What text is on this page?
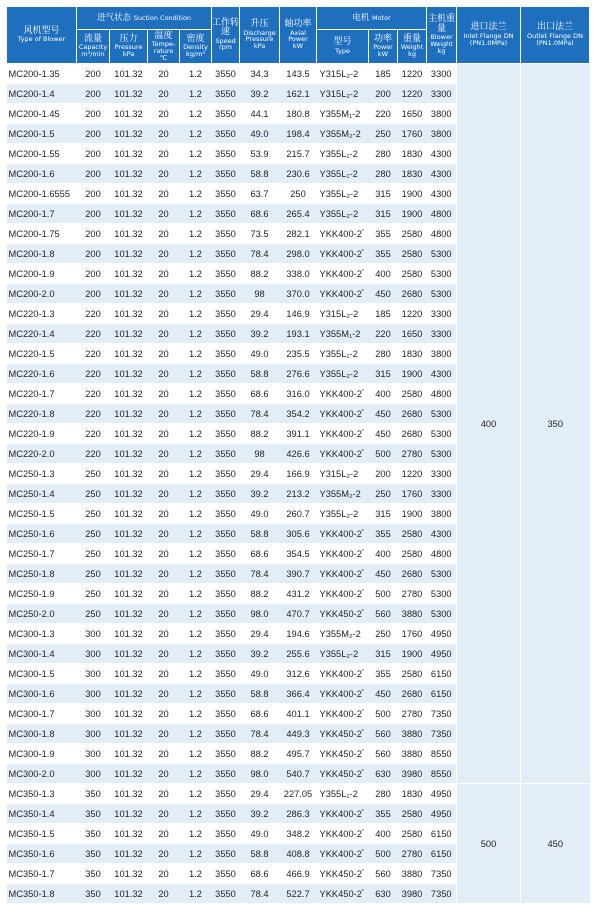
风机型号
Type of Blower	进气状态 Suction Condition				工作转速
Speed
rpm	升压
Discharge Pressure
kPa	轴功率
Axial Power
kW	电机 Motor			主机重量
Blower Weight
kg	进口法兰
Inlet Flange DN
(PN1.0MPa)	出口法兰
Outlet Flange DN
(PN1.0MPa)

	流量
Capacity
m³/min	压力
Pressure
kPa	温度
Tempe-rature
℃	密度
Density
kg/m³				型号
Type	功率
Power
kW	重量
Weight
kg			

MC200-1.35	200	101.32	20	1.2	3550	34.3	143.5	Y315L₂-2	185	1220	3300	400	350
MC200-1.4	200	101.32	20	1.2	3550	39.2	162.1	Y315L₂-2	200	1220	3300		
MC200-1.45	200	101.32	20	1.2	3550	44.1	180.8	Y355M₁-2	220	1650	3800		
MC200-1.5	200	101.32	20	1.2	3550	49.0	198.4	Y355M₂-2	250	1760	3800		
MC200-1.55	200	101.32	20	1.2	3550	53.9	215.7	Y355L₁-2	280	1830	4300		
MC200-1.6	200	101.32	20	1.2	3550	58.8	230.6	Y355L₁-2	280	1830	4300		
MC200-1.6555	200	101.32	20	1.2	3550	63.7	250	Y355L₂-2	315	1900	4300		
MC200-1.7	200	101.32	20	1.2	3550	68.6	265.4	Y355L₂-2	315	1900	4800		
MC200-1.75	200	101.32	20	1.2	3550	73.5	282.1	YKK400-2*	355	2580	4800		
MC200-1.8	200	101.32	20	1.2	3550	78.4	298.0	YKK400-2*	355	2580	5300		
MC200-1.9	200	101.32	20	1.2	3550	88.2	338.0	YKK400-2*	400	2580	5300		
MC200-2.0	200	101.32	20	1.2	3550	98	370.0	YKK400-2*	450	2680	5300		
MC220-1.3	220	101.32	20	1.2	3550	29.4	146.9	Y315L₂-2	185	1220	3300		
MC220-1.4	220	101.32	20	1.2	3550	39.2	193.1	Y355M₁-2	220	1650	3300		
MC220-1.5	220	101.32	20	1.2	3550	49.0	235.5	Y355L₁-2	280	1830	3800		
MC220-1.6	220	101.32	20	1.2	3550	58.8	276.6	Y355L₂-2	315	1900	4300		
MC220-1.7	220	101.32	20	1.2	3550	68.6	316.0	YKK400-2*	400	2580	4800		
MC220-1.8	220	101.32	20	1.2	3550	78.4	354.2	YKK400-2*	450	2680	5300		
MC220-1.9	220	101.32	20	1.2	3550	88.2	391.1	YKK400-2*	450	2680	5300		
MC220-2.0	220	101.32	20	1.2	3550	98	426.6	YKK400-2*	500	2780	5300		
MC250-1.3	250	101.32	20	1.2	3550	29.4	166.9	Y315L₂-2	200	1220	3300		
MC250-1.4	250	101.32	20	1.2	3550	39.2	213.2	Y355M₂-2	250	1760	3300		
MC250-1.5	250	101.32	20	1.2	3550	49.0	260.7	Y355L₂-2	315	1900	3800		
MC250-1.6	250	101.32	20	1.2	3550	58.8	305.6	YKK400-2*	355	2580	4300		
MC250-1.7	250	101.32	20	1.2	3550	68.6	354.5	YKK400-2*	400	2580	4800		
MC250-1.8	250	101.32	20	1.2	3550	78.4	390.7	YKK400-2*	450	2680	5300		
MC250-1.9	250	101.32	20	1.2	3550	88.2	431.2	YKK400-2*	500	2780	5300		
MC250-2.0	250	101.32	20	1.2	3550	98.0	470.7	YKK450-2*	560	3880	5300		
MC300-1.3	300	101.32	20	1.2	3550	29.4	194.6	Y355M₂-2	250	1760	4950		
MC300-1.4	300	101.32	20	1.2	3550	39.2	255.6	Y355L₂-2	315	1900	4950		
MC300-1.5	300	101.32	20	1.2	3550	49.0	312.6	YKK400-2*	355	2580	6150		
MC300-1.6	300	101.32	20	1.2	3550	58.8	366.4	YKK400-2*	450	2680	6150		
MC300-1.7	300	101.32	20	1.2	3550	68.6	401.1	YKK400-2*	500	2780	7350		
MC300-1.8	300	101.32	20	1.2	3550	78.4	449.3	YKK450-2*	560	3880	7350		
MC300-1.9	300	101.32	20	1.2	3550	88.2	495.7	YKK450-2*	560	3880	8550		
MC300-2.0	300	101.32	20	1.2	3550	98.0	540.7	YKK450-2*	630	3980	8550		
MC350-1.3	350	101.32	20	1.2	3550	29.4	227.05	Y355L₁-2	280	1830	4950	500	450
MC350-1.4	350	101.32	20	1.2	3550	39.2	286.3	YKK400-2*	355	2580	4950		
MC350-1.5	350	101.32	20	1.2	3550	49.0	348.2	YKK400-2*	400	2580	6150		
MC350-1.6	350	101.32	20	1.2	3550	58.8	408.8	YKK400-2*	500	2780	6150		
MC350-1.7	350	101.32	20	1.2	3550	68.6	466.9	YKK450-2*	560	3880	7350		
MC350-1.8	350	101.32	20	1.2	3550	78.4	522.7	YKK450-2*	630	3980	7350		
